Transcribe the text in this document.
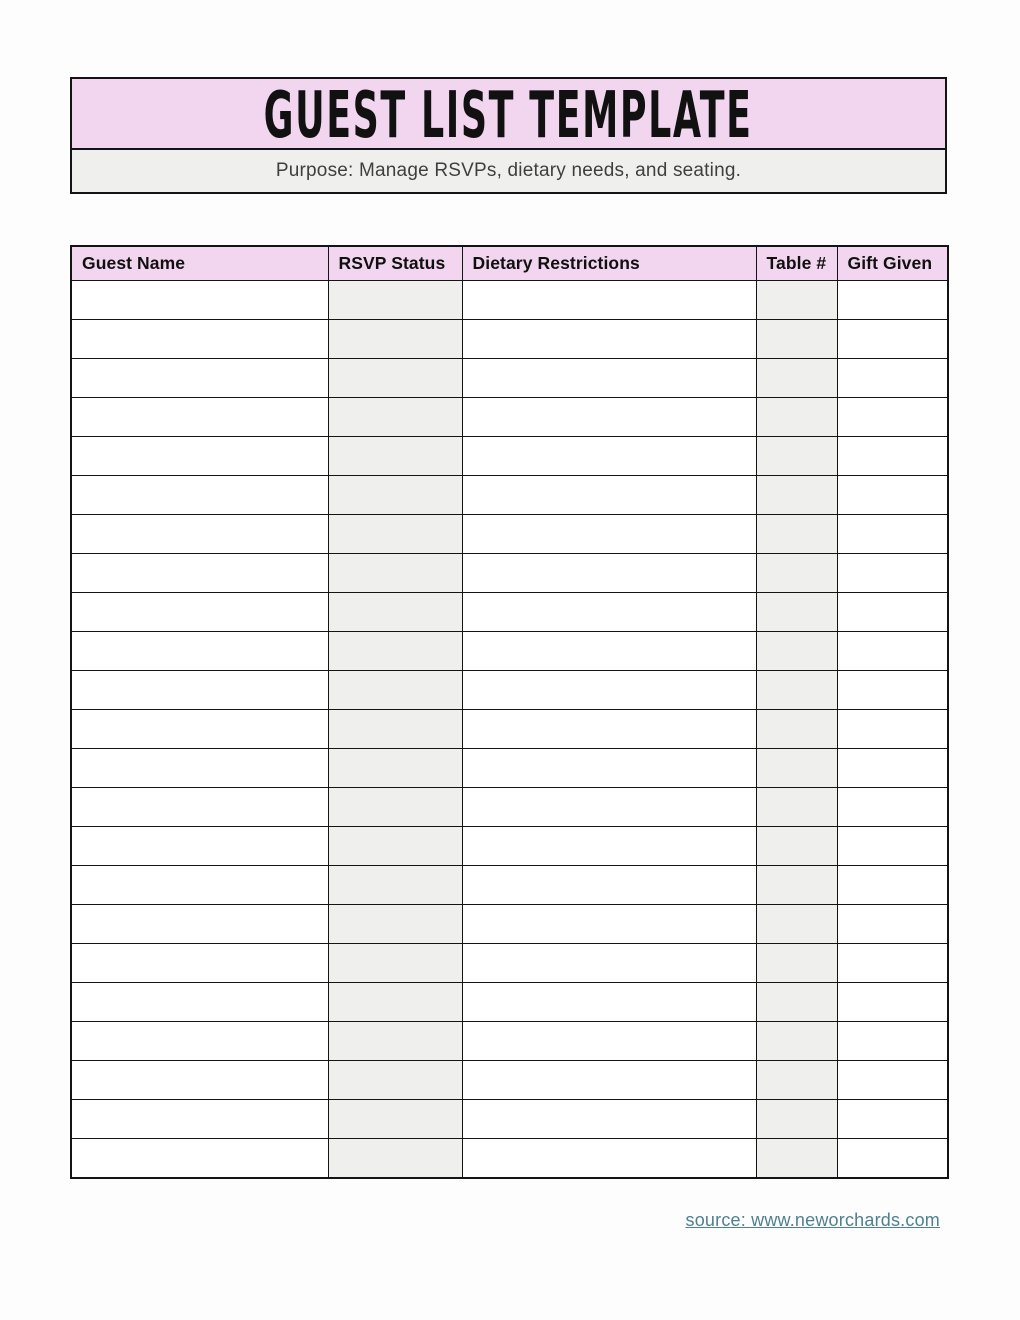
GUEST LIST TEMPLATE
Purpose: Manage RSVPs, dietary needs, and seating.
Guest Name	RSVP Status	Dietary Restrictions	Table #	Gift Given

source: www.neworchards.com
